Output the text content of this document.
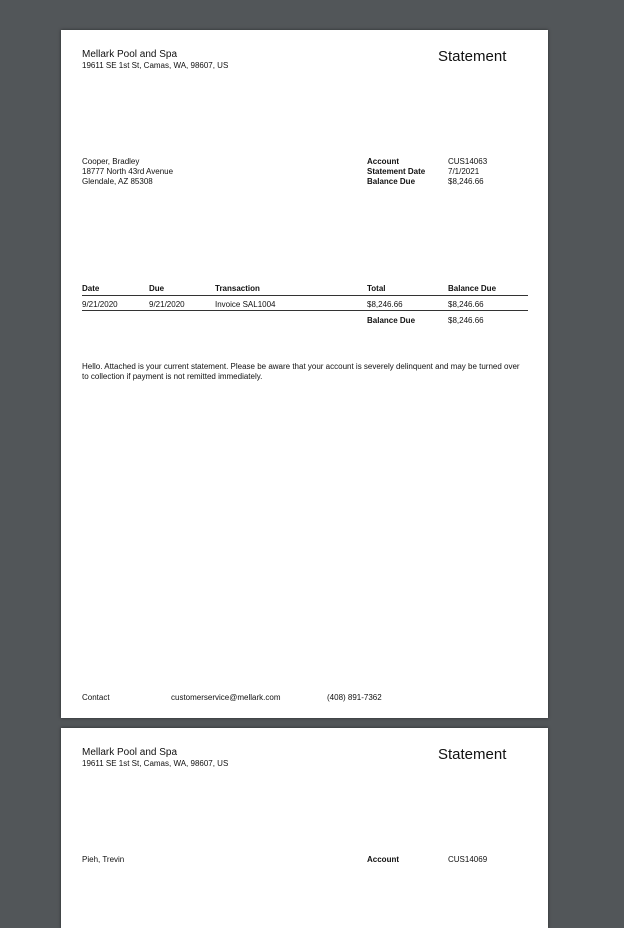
Mellark Pool and Spa
19611 SE 1st St, Camas, WA, 98607, US
Statement
Cooper, Bradley
18777 North 43rd Avenue
Glendale, AZ 85308
Account	CUS14063
Statement Date	7/1/2021
Balance Due	$8,246.66
Date	Due	Transaction	Total	Balance Due
9/21/2020	9/21/2020	Invoice SAL1004	$8,246.66	$8,246.66
Balance Due	$8,246.66
Hello. Attached is your current statement. Please be aware that your account is severely delinquent and may be turned over to collection if payment is not remitted immediately.
Contact	customerservice@mellark.com	(408) 891-7362
Mellark Pool and Spa
19611 SE 1st St, Camas, WA, 98607, US
Statement
Pieh, Trevin	Account	CUS14069
